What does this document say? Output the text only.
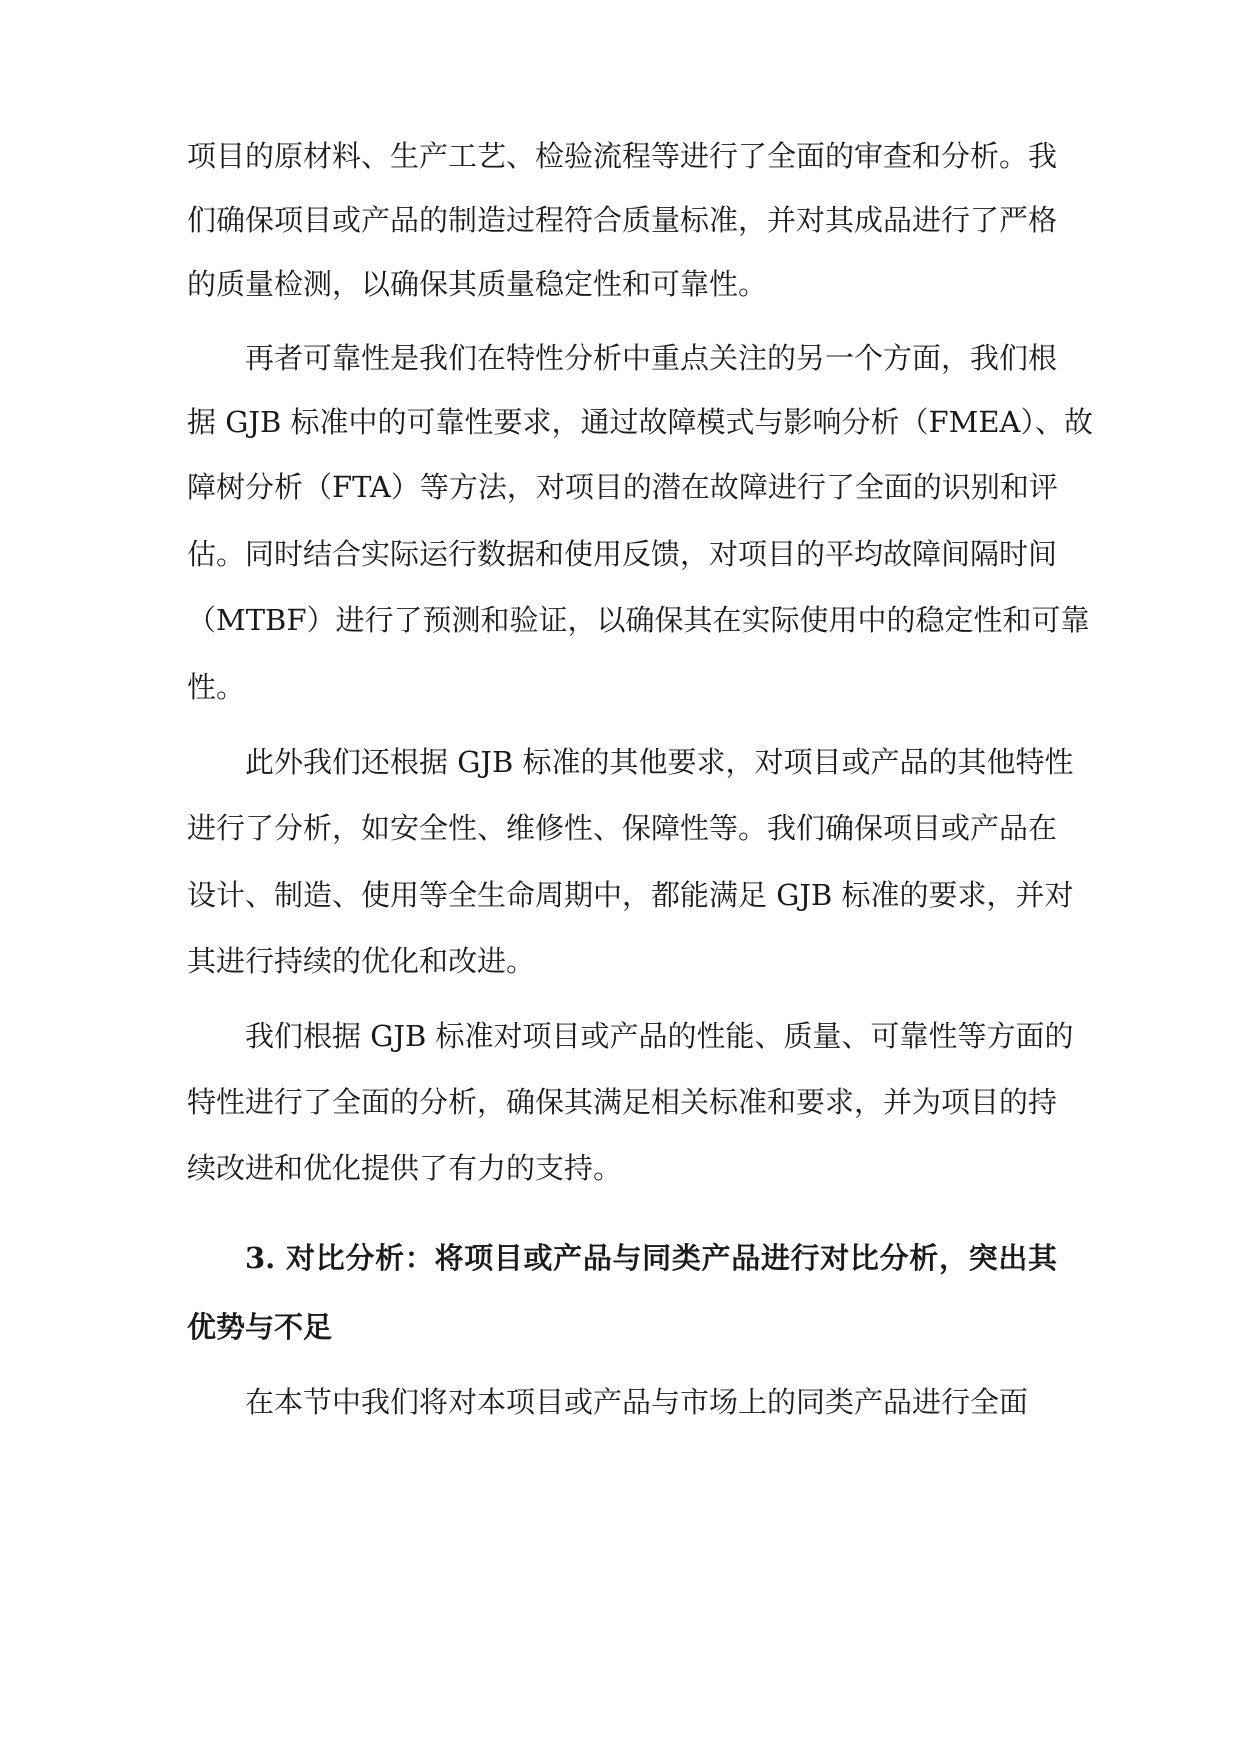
项目的原材料、生产工艺、检验流程等进行了全面的审查和分析。我
们确保项目或产品的制造过程符合质量标准，并对其成品进行了严格
的质量检测，以确保其质量稳定性和可靠性。
再者可靠性是我们在特性分析中重点关注的另一个方面，我们根
据 GJB 标准中的可靠性要求，通过故障模式与影响分析（FMEA）、故
障树分析（FTA）等方法，对项目的潜在故障进行了全面的识别和评
估。同时结合实际运行数据和使用反馈，对项目的平均故障间隔时间
（MTBF）进行了预测和验证，以确保其在实际使用中的稳定性和可靠
性。
此外我们还根据 GJB 标准的其他要求，对项目或产品的其他特性
进行了分析，如安全性、维修性、保障性等。我们确保项目或产品在
设计、制造、使用等全生命周期中，都能满足 GJB 标准的要求，并对
其进行持续的优化和改进。
我们根据 GJB 标准对项目或产品的性能、质量、可靠性等方面的
特性进行了全面的分析，确保其满足相关标准和要求，并为项目的持
续改进和优化提供了有力的支持。
3. 对比分析：将项目或产品与同类产品进行对比分析，突出其
优势与不足
在本节中我们将对本项目或产品与市场上的同类产品进行全面
